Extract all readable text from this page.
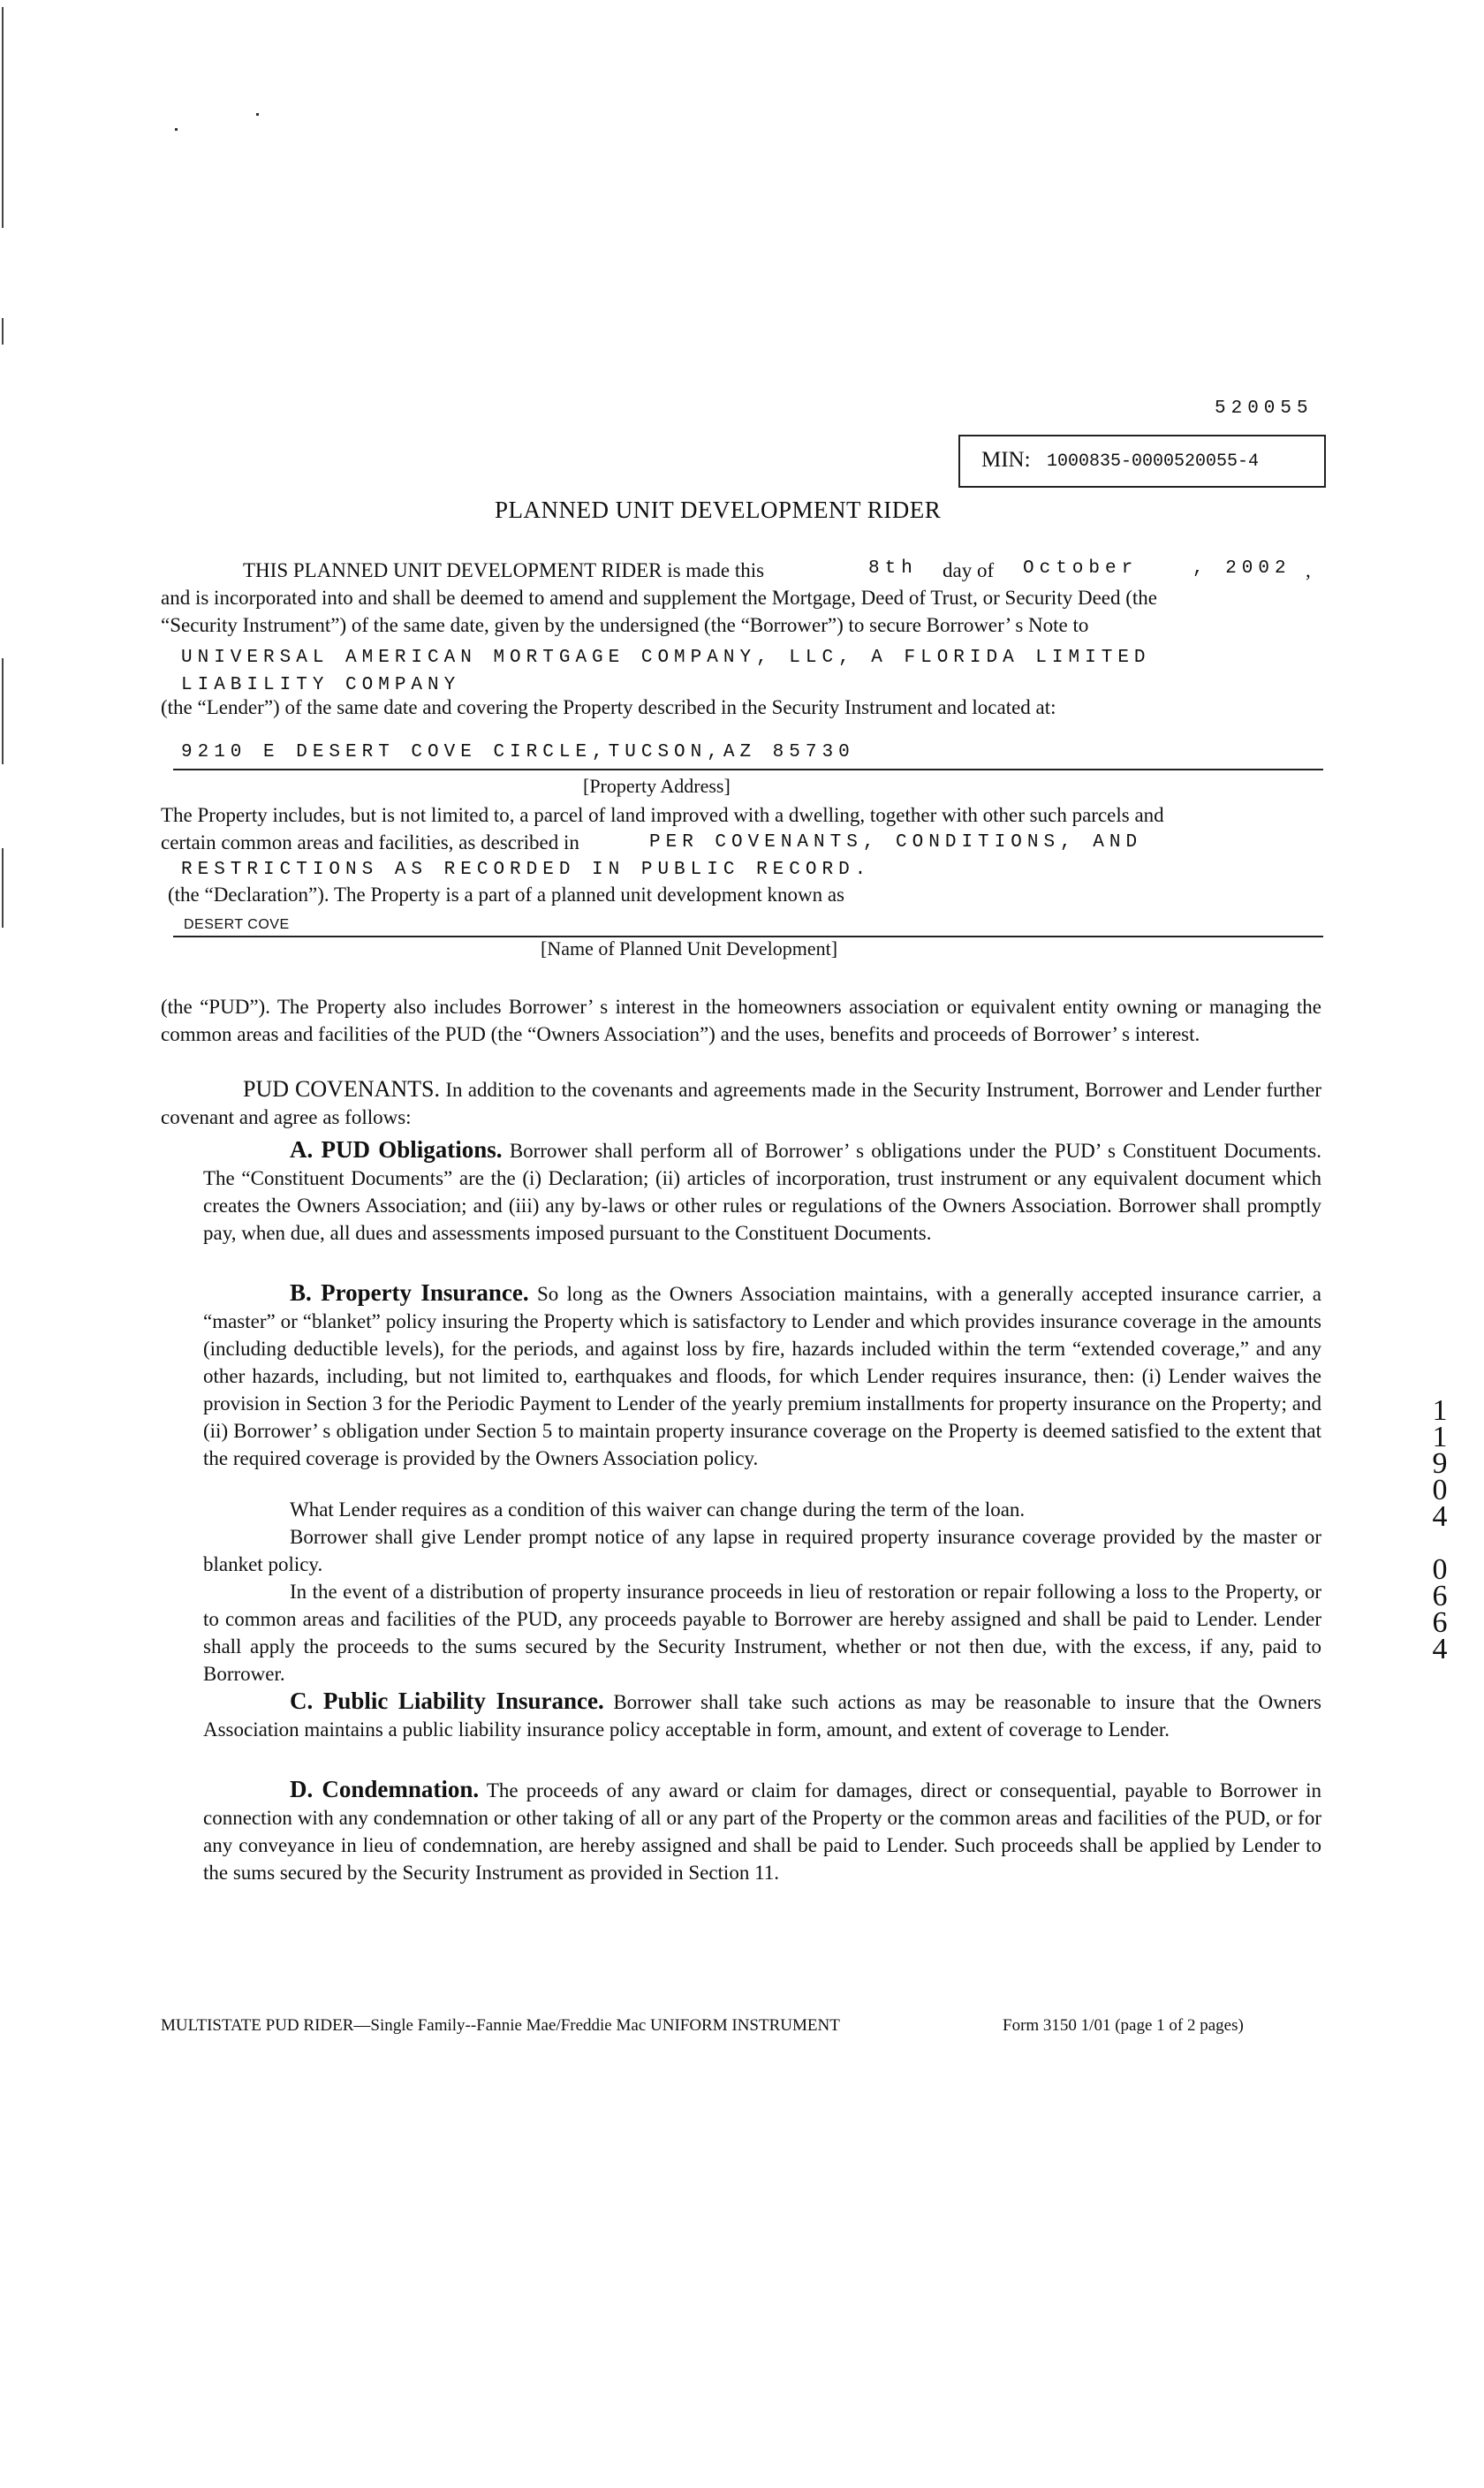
520055
MIN: 1000835-0000520055-4
PLANNED UNIT DEVELOPMENT RIDER
THIS PLANNED UNIT DEVELOPMENT RIDER is made this	8th day of October	, 2002 ,
and is incorporated into and shall be deemed to amend and supplement the Mortgage, Deed of Trust, or Security Deed (the
“Security Instrument”) of the same date, given by the undersigned (the “Borrower”) to secure Borrower’ s Note to
UNIVERSAL AMERICAN MORTGAGE COMPANY, LLC, A FLORIDA LIMITED
LIABILITY COMPANY
(the “Lender”) of the same date and covering the Property described in the Security Instrument and located at:
9210 E DESERT COVE CIRCLE,TUCSON,AZ 85730
[Property Address]
The Property includes, but is not limited to, a parcel of land improved with a dwelling, together with other such parcels and
certain common areas and facilities, as described in	PER COVENANTS, CONDITIONS, AND
RESTRICTIONS AS RECORDED IN PUBLIC RECORD.
(the “Declaration”). The Property is a part of a planned unit development known as
DESERT COVE
[Name of Planned Unit Development]
(the “PUD”). The Property also includes Borrower’ s interest in the homeowners association or equivalent entity owning or managing the common areas and facilities of the PUD (the “Owners Association”) and the uses, benefits and proceeds of Borrower’ s interest.
PUD COVENANTS. In addition to the covenants and agreements made in the Security Instrument, Borrower and Lender further covenant and agree as follows:
A. PUD Obligations. Borrower shall perform all of Borrower’ s obligations under the PUD’ s Constituent Documents. The “Constituent Documents” are the (i) Declaration; (ii) articles of incorporation, trust instrument or any equivalent document which creates the Owners Association; and (iii) any by-laws or other rules or regulations of the Owners Association. Borrower shall promptly pay, when due, all dues and assessments imposed pursuant to the Constituent Documents.
B. Property Insurance. So long as the Owners Association maintains, with a generally accepted insurance carrier, a “master” or “blanket” policy insuring the Property which is satisfactory to Lender and which provides insurance coverage in the amounts (including deductible levels), for the periods, and against loss by fire, hazards included within the term “extended coverage,” and any other hazards, including, but not limited to, earthquakes and floods, for which Lender requires insurance, then: (i) Lender waives the provision in Section 3 for the Periodic Payment to Lender of the yearly premium installments for property insurance on the Property; and (ii) Borrower’ s obligation under Section 5 to maintain property insurance coverage on the Property is deemed satisfied to the extent that the required coverage is provided by the Owners Association policy.
What Lender requires as a condition of this waiver can change during the term of the loan.
Borrower shall give Lender prompt notice of any lapse in required property insurance coverage provided by the master or blanket policy.
In the event of a distribution of property insurance proceeds in lieu of restoration or repair following a loss to the Property, or to common areas and facilities of the PUD, any proceeds payable to Borrower are hereby assigned and shall be paid to Lender. Lender shall apply the proceeds to the sums secured by the Security Instrument, whether or not then due, with the excess, if any, paid to Borrower.
C. Public Liability Insurance. Borrower shall take such actions as may be reasonable to insure that the Owners Association maintains a public liability insurance policy acceptable in form, amount, and extent of coverage to Lender.
D. Condemnation. The proceeds of any award or claim for damages, direct or consequential, payable to Borrower in connection with any condemnation or other taking of all or any part of the Property or the common areas and facilities of the PUD, or for any conveyance in lieu of condemnation, are hereby assigned and shall be paid to Lender. Such proceeds shall be applied by Lender to the sums secured by the Security Instrument as provided in Section 11.
1
1
9
0
4
0
6
6
4
MULTISTATE PUD RIDER—Single Family--Fannie Mae/Freddie Mac UNIFORM INSTRUMENT	Form 3150 1/01 (page 1 of 2 pages)
